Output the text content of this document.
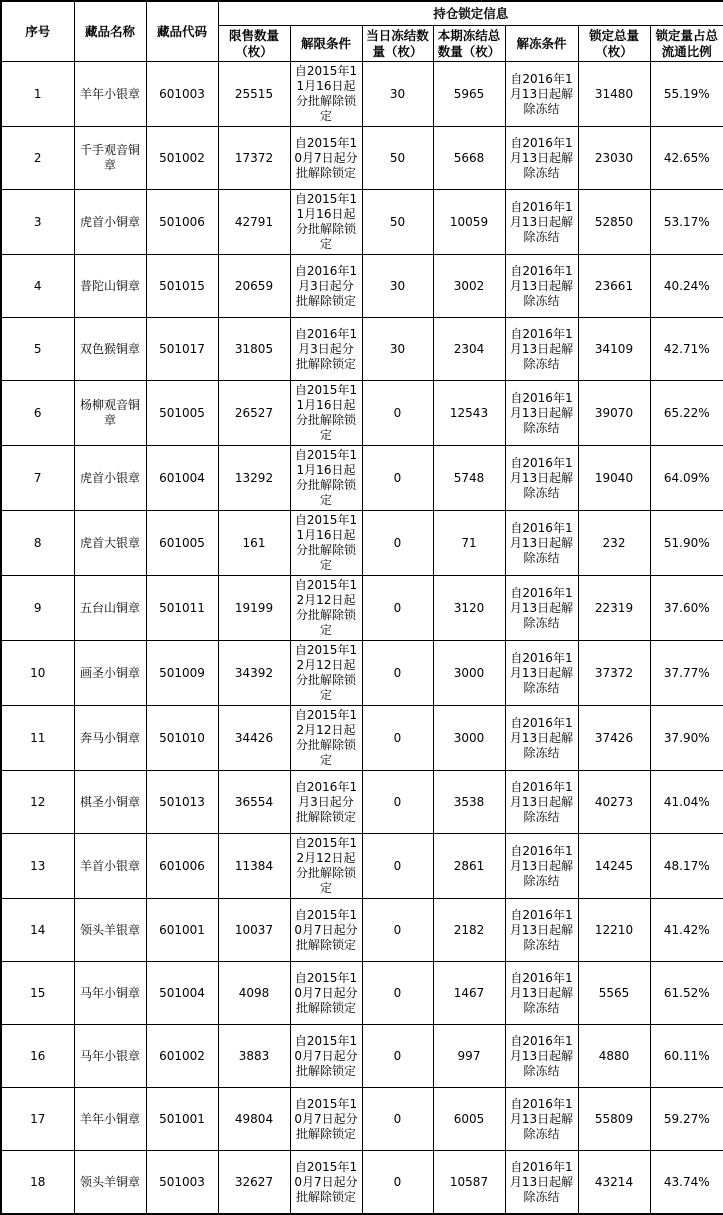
序号	藏品名称	藏品代码	持仓锁定信息						
			限售数量（枚）	解限条件	当日冻结数量（枚）	本期冻结总数量（枚）	解冻条件	锁定总量（枚）	锁定量占总流通比例
1	羊年小银章	601003	25515	自2015年11月16日起分批解除锁定	30	5965	自2016年1月13日起解除冻结	31480	55.19%
2	千手观音铜章	501002	17372	自2015年10月7日起分批解除锁定	50	5668	自2016年1月13日起解除冻结	23030	42.65%
3	虎首小铜章	501006	42791	自2015年11月16日起分批解除锁定	50	10059	自2016年1月13日起解除冻结	52850	53.17%
4	普陀山铜章	501015	20659	自2016年1月3日起分批解除锁定	30	3002	自2016年1月13日起解除冻结	23661	40.24%
5	双色猴铜章	501017	31805	自2016年1月3日起分批解除锁定	30	2304	自2016年1月13日起解除冻结	34109	42.71%
6	杨柳观音铜章	501005	26527	自2015年11月16日起分批解除锁定	0	12543	自2016年1月13日起解除冻结	39070	65.22%
7	虎首小银章	601004	13292	自2015年11月16日起分批解除锁定	0	5748	自2016年1月13日起解除冻结	19040	64.09%
8	虎首大银章	601005	161	自2015年11月16日起分批解除锁定	0	71	自2016年1月13日起解除冻结	232	51.90%
9	五台山铜章	501011	19199	自2015年12月12日起分批解除锁定	0	3120	自2016年1月13日起解除冻结	22319	37.60%
10	画圣小铜章	501009	34392	自2015年12月12日起分批解除锁定	0	3000	自2016年1月13日起解除冻结	37372	37.77%
11	奔马小铜章	501010	34426	自2015年12月12日起分批解除锁定	0	3000	自2016年1月13日起解除冻结	37426	37.90%
12	棋圣小铜章	501013	36554	自2016年1月3日起分批解除锁定	0	3538	自2016年1月13日起解除冻结	40273	41.04%
13	羊首小银章	601006	11384	自2015年12月12日起分批解除锁定	0	2861	自2016年1月13日起解除冻结	14245	48.17%
14	领头羊银章	601001	10037	自2015年10月7日起分批解除锁定	0	2182	自2016年1月13日起解除冻结	12210	41.42%
15	马年小铜章	501004	4098	自2015年10月7日起分批解除锁定	0	1467	自2016年1月13日起解除冻结	5565	61.52%
16	马年小银章	601002	3883	自2015年10月7日起分批解除锁定	0	997	自2016年1月13日起解除冻结	4880	60.11%
17	羊年小铜章	501001	49804	自2015年10月7日起分批解除锁定	0	6005	自2016年1月13日起解除冻结	55809	59.27%
18	领头羊铜章	501003	32627	自2015年10月7日起分批解除锁定	0	10587	自2016年1月13日起解除冻结	43214	43.74%
